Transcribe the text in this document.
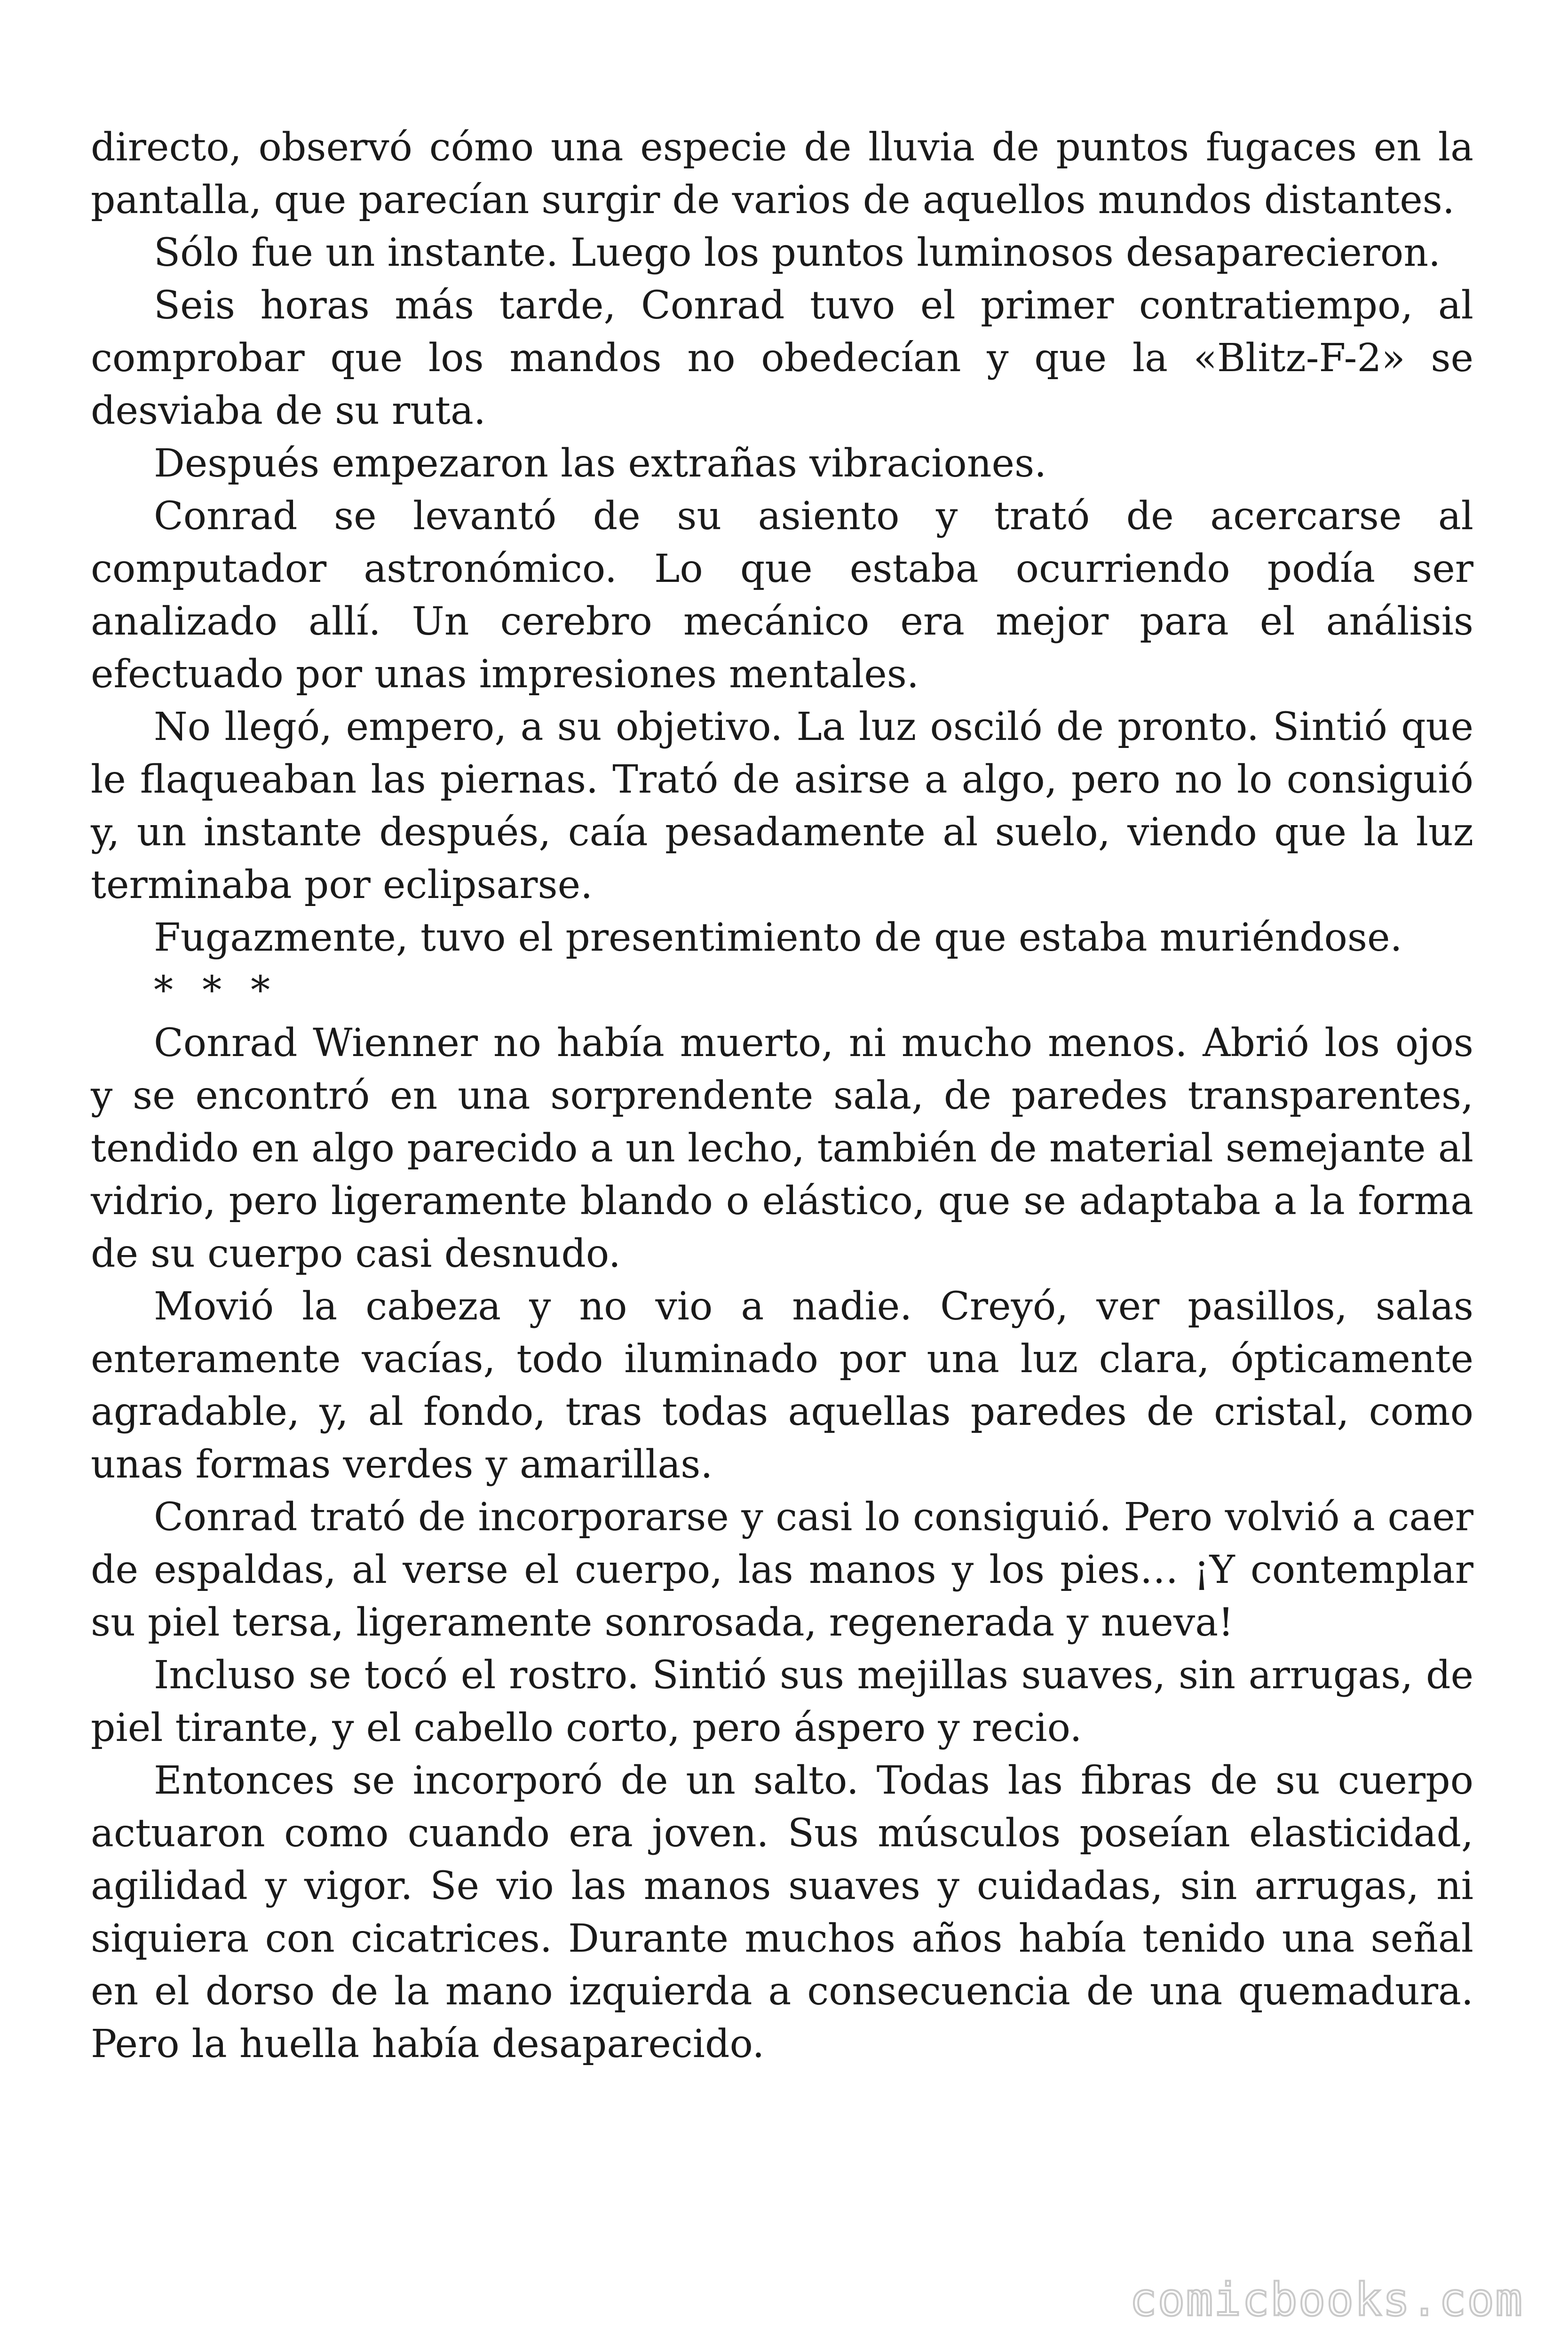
directo, observó cómo una especie de lluvia de puntos fugaces en la pantalla, que parecían surgir de varios de aquellos mundos distantes.

Sólo fue un instante. Luego los puntos luminosos desaparecieron.

Seis horas más tarde, Conrad tuvo el primer contratiempo, al comprobar que los mandos no obedecían y que la «Blitz-F-2» se desviaba de su ruta.

Después empezaron las extrañas vibraciones.

Conrad se levantó de su asiento y trató de acercarse al computador astronómico. Lo que estaba ocurriendo podía ser analizado allí. Un cerebro mecánico era mejor para el análisis efectuado por unas impresiones mentales.

No llegó, empero, a su objetivo. La luz osciló de pronto. Sintió que le flaqueaban las piernas. Trató de asirse a algo, pero no lo consiguió y, un instante después, caía pesadamente al suelo, viendo que la luz terminaba por eclipsarse.

Fugazmente, tuvo el presentimiento de que estaba muriéndose.

* * *

Conrad Wienner no había muerto, ni mucho menos. Abrió los ojos y se encontró en una sorprendente sala, de paredes transparentes, tendido en algo parecido a un lecho, también de material semejante al vidrio, pero ligeramente blando o elástico, que se adaptaba a la forma de su cuerpo casi desnudo.

Movió la cabeza y no vio a nadie. Creyó, ver pasillos, salas enteramente vacías, todo iluminado por una luz clara, ópticamente agradable, y, al fondo, tras todas aquellas paredes de cristal, como unas formas verdes y amarillas.

Conrad trató de incorporarse y casi lo consiguió. Pero volvió a caer de espaldas, al verse el cuerpo, las manos y los pies… ¡Y contemplar su piel tersa, ligeramente sonrosada, regenerada y nueva!

Incluso se tocó el rostro. Sintió sus mejillas suaves, sin arrugas, de piel tirante, y el cabello corto, pero áspero y recio.

Entonces se incorporó de un salto. Todas las fibras de su cuerpo actuaron como cuando era joven. Sus músculos poseían elasticidad, agilidad y vigor. Se vio las manos suaves y cuidadas, sin arrugas, ni siquiera con cicatrices. Durante muchos años había tenido una señal en el dorso de la mano izquierda a consecuencia de una quemadura. Pero la huella había desaparecido.

comicbooks.com
